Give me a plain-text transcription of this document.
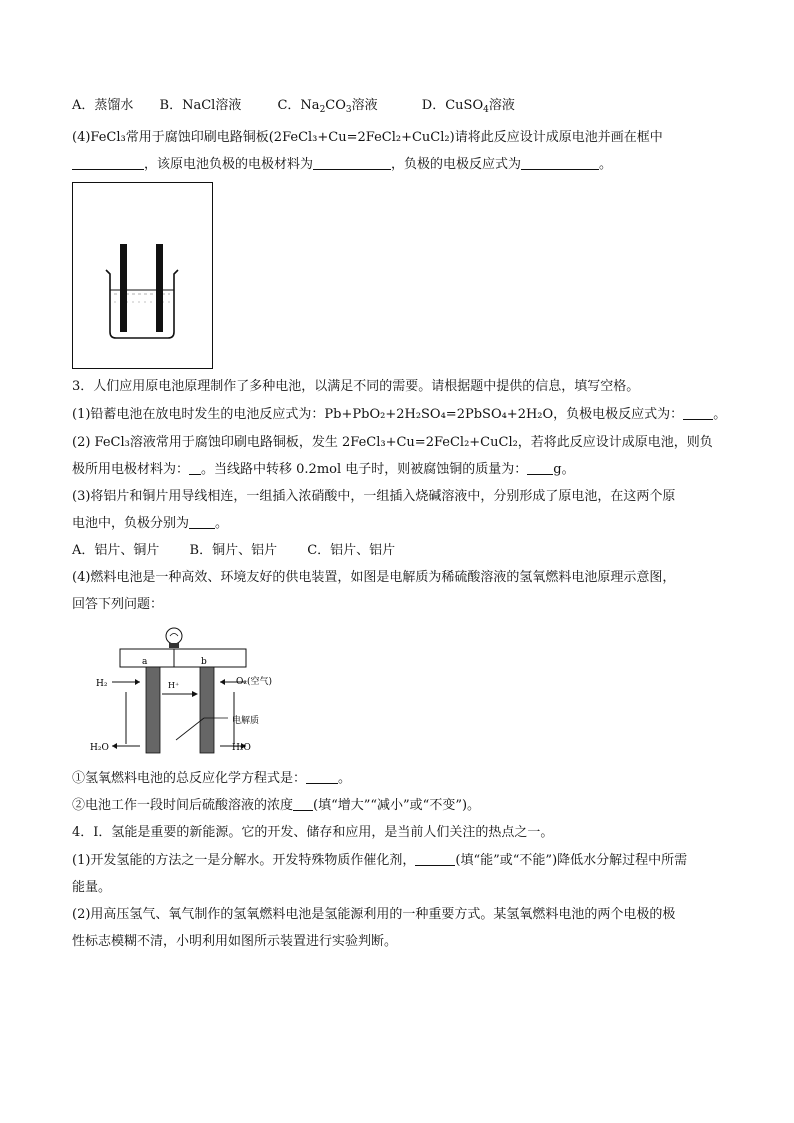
A．蒸馏水 B．NaCl溶液	C．$Na_2CO_3$溶液	D．CuSO$_4$溶液
(4)FeCl₃常用于腐蚀印刷电路铜板(2FeCl₃+Cu=2FeCl₂+CuCl₂)请将此反应设计成原电池并画在框中
，该原电池负极的电极材料为	，负极的电极反应式为	。
3．人们应用原电池原理制作了多种电池，以满足不同的需要。请根据题中提供的信息，填写空格。
(1)铅蓄电池在放电时发生的电池反应式为：Pb+PbO₂+2H₂SO₄=2PbSO₄+2H₂O，负极电极反应式为： 。
(2) FeCl₃溶液常用于腐蚀印刷电路铜板，发生 2FeCl₃+Cu=2FeCl₂+CuCl₂，若将此反应设计成原电池，则负
极所用电极材料为： 。当线路中转移 0.2mol 电子时，则被腐蚀铜的质量为： g。
(3)将铝片和铜片用导线相连，一组插入浓硝酸中，一组插入烧碱溶液中，分别形成了原电池，在这两个原
电池中，负极分别为 。
A．铝片、铜片 B．铜片、铝片 C．铝片、铝片
(4)燃料电池是一种高效、环境友好的供电装置，如图是电解质为稀硫酸溶液的氢氧燃料电池原理示意图，
回答下列问题：
a	b
H₂
H₂O
H⁺	O₂(空气)
H₂O
电解质
①氢氧燃料电池的总反应化学方程式是： 。
②电池工作一段时间后硫酸溶液的浓度 (填“增大”“减小”或“不变”)。
4．I．氢能是重要的新能源。它的开发、储存和应用，是当前人们关注的热点之一。
(1)开发氢能的方法之一是分解水。开发特殊物质作催化剂，	(填“能”或“不能”)降低水分解过程中所需
能量。
(2)用高压氢气、氧气制作的氢氧燃料电池是氢能源利用的一种重要方式。某氢氧燃料电池的两个电极的极
性标志模糊不清，小明利用如图所示装置进行实验判断。
